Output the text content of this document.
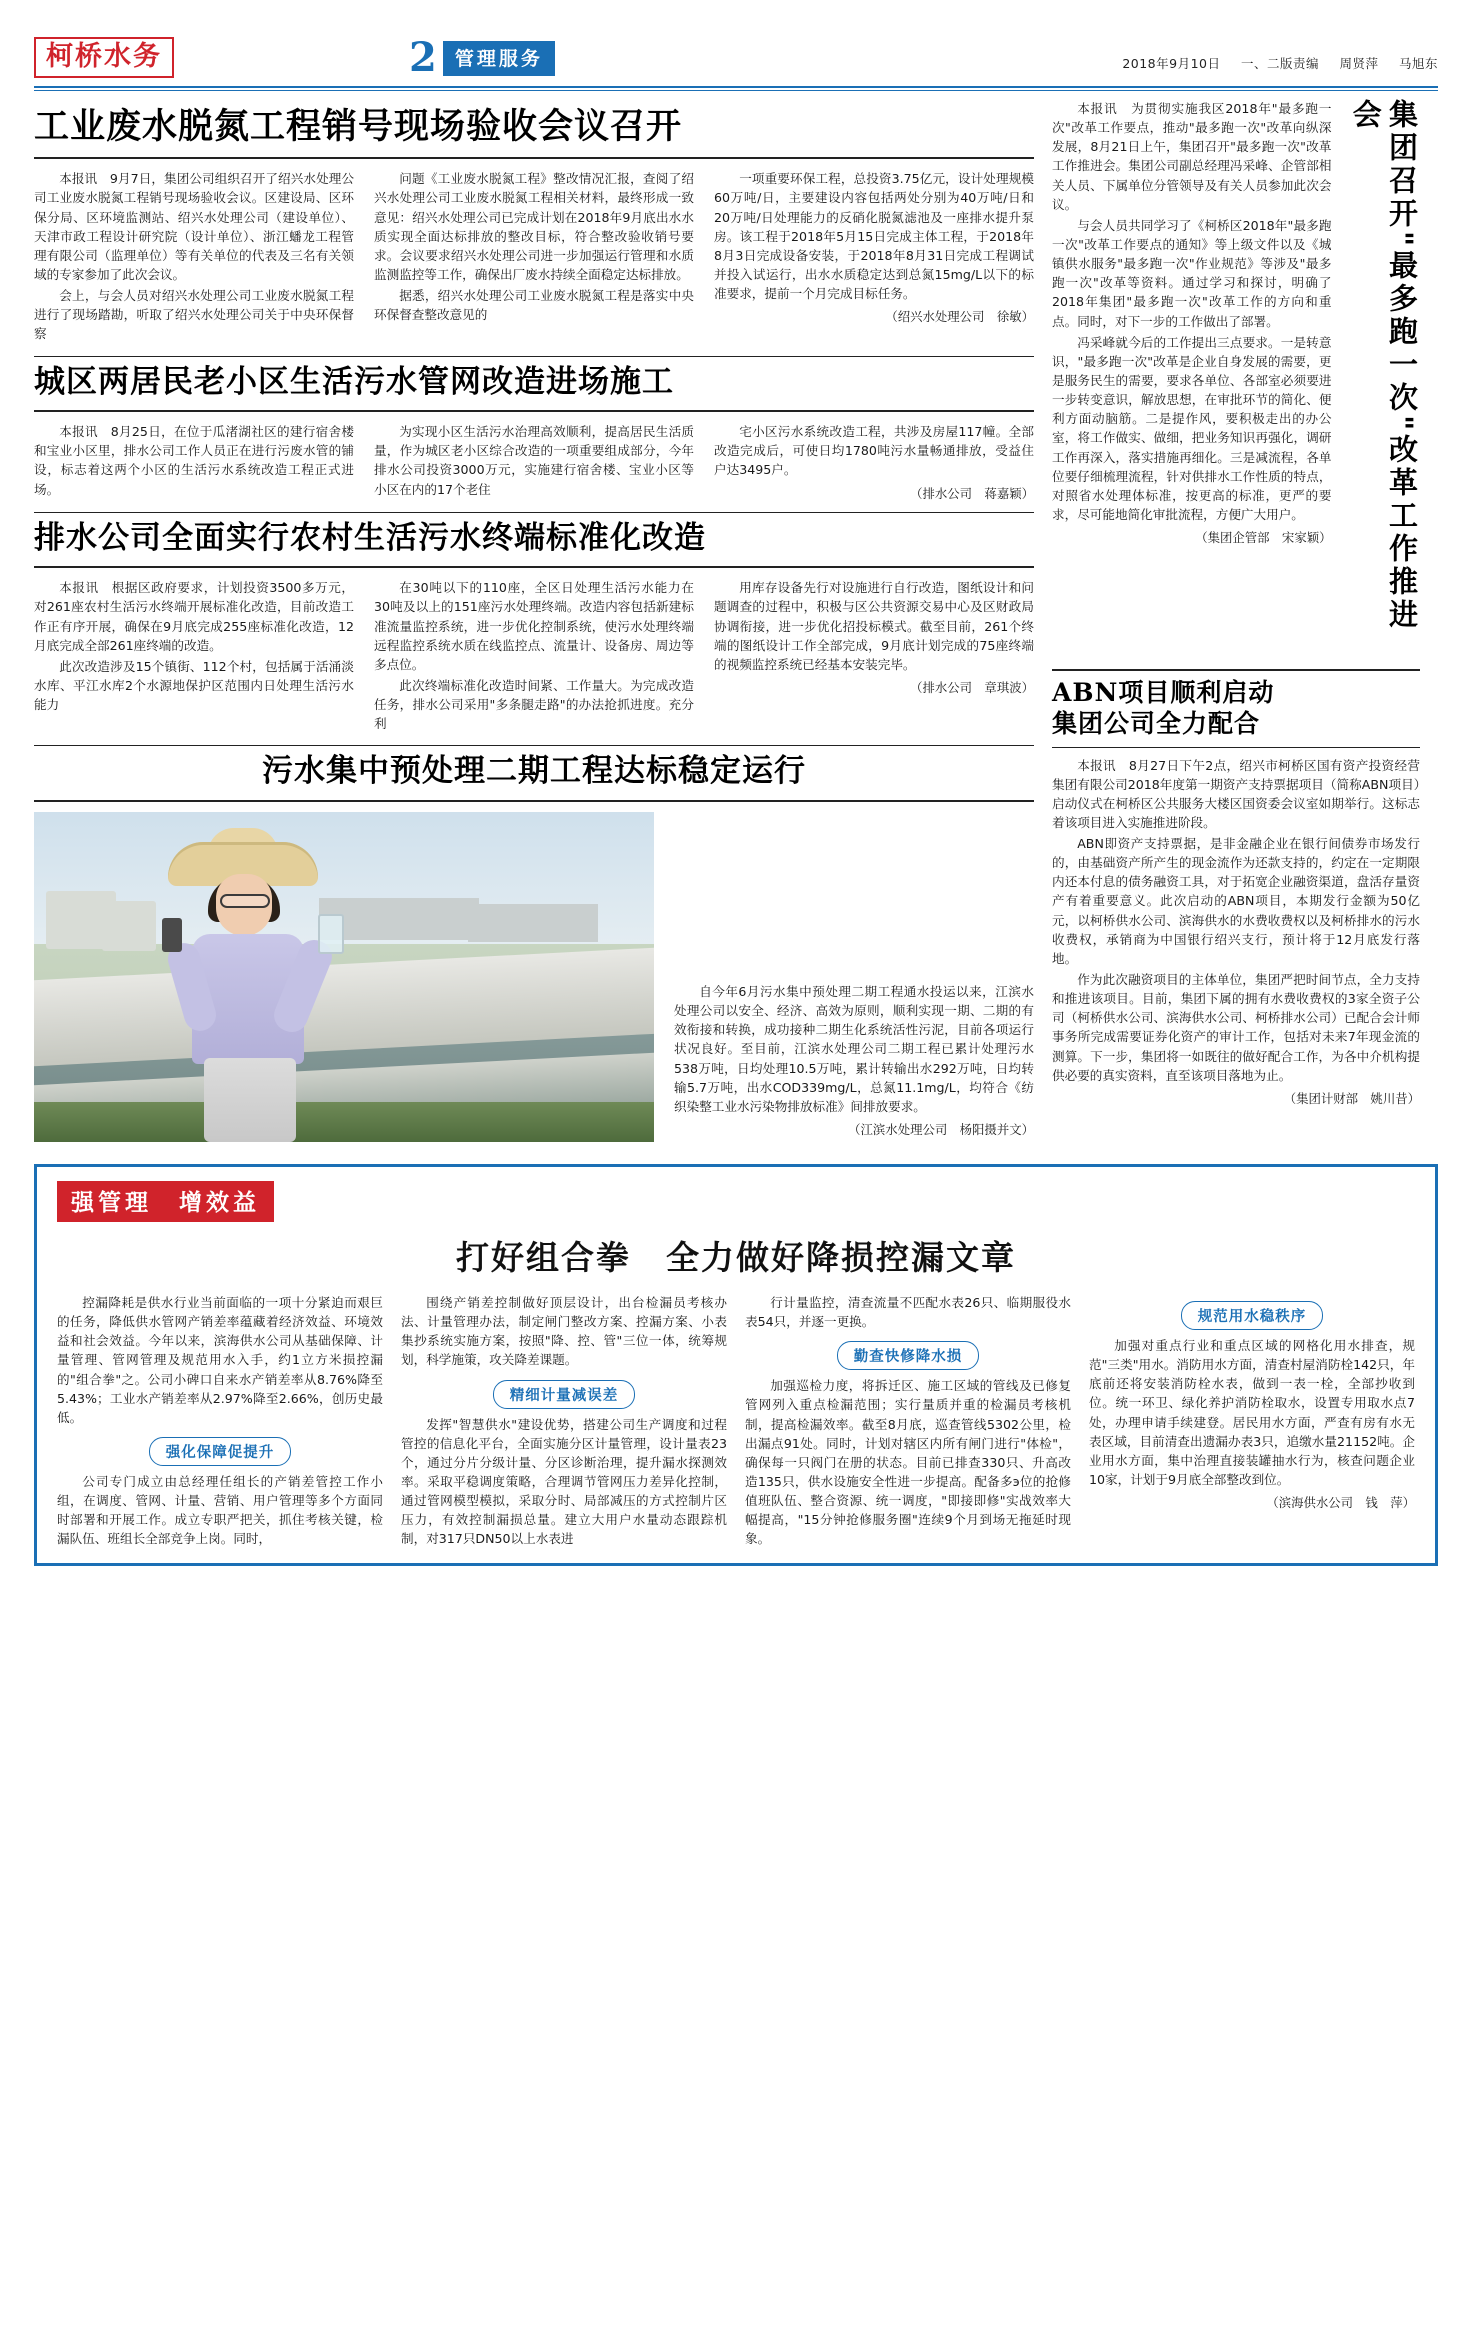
柯桥水务	2 管理服务	2018年9月10日 一、二版责编 周贤萍 马旭东
工业废水脱氮工程销号现场验收会议召开

本报讯　9月7日，集团公司组织召开了绍兴水处理公司工业废水脱氮工程销号现场验收会议。区建设局、区环保分局、区环境监测站、绍兴水处理公司（建设单位）、天津市政工程设计研究院（设计单位）、浙江蟠龙工程管理有限公司（监理单位）等有关单位的代表及三名有关领域的专家参加了此次会议。

会上，与会人员对绍兴水处理公司工业废水脱氮工程进行了现场踏勘，听取了绍兴水处理公司关于中央环保督察

问题《工业废水脱氮工程》整改情况汇报，查阅了绍兴水处理公司工业废水脱氮工程相关材料，最终形成一致意见：绍兴水处理公司已完成计划在2018年9月底出水水质实现全面达标排放的整改目标，符合整改验收销号要求。会议要求绍兴水处理公司进一步加强运行管理和水质监测监控等工作，确保出厂废水持续全面稳定达标排放。

据悉，绍兴水处理公司工业废水脱氮工程是落实中央环保督查整改意见的

一项重要环保工程，总投资3.75亿元，设计处理规模60万吨/日，主要建设内容包括两处分别为40万吨/日和20万吨/日处理能力的反硝化脱氮滤池及一座排水提升泵房。该工程于2018年5月15日完成主体工程，于2018年8月3日完成设备安装，于2018年8月31日完成工程调试并投入试运行，出水水质稳定达到总氮15mg/L以下的标准要求，提前一个月完成目标任务。

（绍兴水处理公司　徐敏）

城区两居民老小区生活污水管网改造进场施工

本报讯　8月25日，在位于瓜渚湖社区的建行宿舍楼和宝业小区里，排水公司工作人员正在进行污废水管的铺设，标志着这两个小区的生活污水系统改造工程正式进场。

为实现小区生活污水治理高效顺利，提高居民生活质量，作为城区老小区综合改造的一项重要组成部分，今年排水公司投资3000万元，实施建行宿舍楼、宝业小区等小区在内的17个老住

宅小区污水系统改造工程，共涉及房屋117幢。全部改造完成后，可使日均1780吨污水量畅通排放，受益住户达3495户。

（排水公司　蒋嘉颖）

排水公司全面实行农村生活污水终端标准化改造

本报讯　根据区政府要求，计划投资3500多万元，对261座农村生活污水终端开展标准化改造，目前改造工作正有序开展，确保在9月底完成255座标准化改造，12月底完成全部261座终端的改造。

此次改造涉及15个镇街、112个村，包括属于活涌淡水库、平江水库2个水源地保护区范围内日处理生活污水能力

在30吨以下的110座，全区日处理生活污水能力在30吨及以上的151座污水处理终端。改造内容包括新建标准流量监控系统，进一步优化控制系统，使污水处理终端远程监控系统水质在线监控点、流量计、设备房、周边等多点位。

此次终端标准化改造时间紧、工作量大。为完成改造任务，排水公司采用"多条腿走路"的办法抢抓进度。充分利

用库存设备先行对设施进行自行改造，图纸设计和问题调查的过程中，积极与区公共资源交易中心及区财政局协调衔接，进一步优化招投标模式。截至目前，261个终端的图纸设计工作全部完成，9月底计划完成的75座终端的视频监控系统已经基本安装完毕。

（排水公司　章琪波）

污水集中预处理二期工程达标稳定运行

自今年6月污水集中预处理二期工程通水投运以来，江滨水处理公司以安全、经济、高效为原则，顺利实现一期、二期的有效衔接和转换，成功接种二期生化系统活性污泥，目前各项运行状况良好。至目前，江滨水处理公司二期工程已累计处理污水538万吨，日均处理10.5万吨，累计转输出水292万吨，日均转输5.7万吨，出水COD339mg/L，总氮11.1mg/L，均符合《纺织染整工业水污染物排放标准》间排放要求。

（江滨水处理公司　杨阳摄并文）

本报讯　为贯彻实施我区2018年"最多跑一次"改革工作要点，推动"最多跑一次"改革向纵深发展，8月21日上午，集团召开"最多跑一次"改革工作推进会。集团公司副总经理冯采峰、企管部相关人员、下属单位分管领导及有关人员参加此次会议。

与会人员共同学习了《柯桥区2018年"最多跑一次"改革工作要点的通知》等上级文件以及《城镇供水服务"最多跑一次"作业规范》等涉及"最多跑一次"改革等资料。通过学习和探讨，明确了2018年集团"最多跑一次"改革工作的方向和重点。同时，对下一步的工作做出了部署。

冯采峰就今后的工作提出三点要求。一是转意识，"最多跑一次"改革是企业自身发展的需要，更是服务民生的需要，要求各单位、各部室必须要进一步转变意识，解放思想，在审批环节的简化、便利方面动脑筋。二是提作风，要积极走出的办公室，将工作做实、做细，把业务知识再强化，调研工作再深入，落实措施再细化。三是减流程，各单位要仔细梳理流程，针对供排水工作性质的特点，对照省水处理体标准，按更高的标准，更严的要求，尽可能地简化审批流程，方便广大用户。

（集团企管部　宋家颖）	集团召开"最多跑一次"改革工作推进会
ABN项目顺利启动
集团公司全力配合

本报讯　8月27日下午2点，绍兴市柯桥区国有资产投资经营集团有限公司2018年度第一期资产支持票据项目（简称ABN项目）启动仪式在柯桥区公共服务大楼区国资委会议室如期举行。这标志着该项目进入实施推进阶段。

ABN即资产支持票据，是非金融企业在银行间债券市场发行的，由基础资产所产生的现金流作为还款支持的，约定在一定期限内还本付息的债务融资工具，对于拓宽企业融资渠道，盘活存量资产有着重要意义。此次启动的ABN项目，本期发行金额为50亿元，以柯桥供水公司、滨海供水的水费收费权以及柯桥排水的污水收费权，承销商为中国银行绍兴支行，预计将于12月底发行落地。

作为此次融资项目的主体单位，集团严把时间节点，全力支持和推进该项目。目前，集团下属的拥有水费收费权的3家全资子公司（柯桥供水公司、滨海供水公司、柯桥排水公司）已配合会计师事务所完成需要证券化资产的审计工作，包括对未来7年现金流的测算。下一步，集团将一如既往的做好配合工作，为各中介机构提供必要的真实资料，直至该项目落地为止。

（集团计财部　姚川昔）

强管理　增效益
打好组合拳　全力做好降损控漏文章

控漏降耗是供水行业当前面临的一项十分紧迫而艰巨的任务，降低供水管网产销差率蕴藏着经济效益、环境效益和社会效益。今年以来，滨海供水公司从基础保障、计量管理、管网管理及规范用水入手，约1立方米损控漏的"组合拳"之。公司小碑口自来水产销差率从8.76%降至5.43%；工业水产销差率从2.97%降至2.66%，创历史最低。

强化保障促提升

公司专门成立由总经理任组长的产销差管控工作小组，在调度、管网、计量、营销、用户管理等多个方面同时部署和开展工作。成立专职严把关，抓住考核关键，检漏队伍、班组长全部竞争上岗。同时，

围绕产销差控制做好顶层设计，出台检漏员考核办法、计量管理办法，制定闸门整改方案、控漏方案、小表集抄系统实施方案，按照"降、控、管"三位一体，统筹规划，科学施策，攻关降差课题。

精细计量减误差

发挥"智慧供水"建设优势，搭建公司生产调度和过程管控的信息化平台，全面实施分区计量管理，设计量表23个，通过分片分级计量、分区诊断治理，提升漏水探测效率。采取平稳调度策略，合理调节管网压力差异化控制，通过管网模型模拟，采取分时、局部减压的方式控制片区压力，有效控制漏损总量。建立大用户水量动态跟踪机制，对317只DN50以上水表进

行计量监控，清查流量不匹配水表26只、临期服役水表54只，并逐一更换。

勤查快修降水损

加强巡检力度，将拆迁区、施工区域的管线及已修复管网列入重点检漏范围；实行量质并重的检漏员考核机制，提高检漏效率。截至8月底，巡查管线5302公里，检出漏点91处。同时，计划对辖区内所有闸门进行"体检"，确保每一只阀门在册的状态。目前已排查330只、升高改造135只，供水设施安全性进一步提高。配备多э位的抢修值班队伍、整合资源、统一调度，"即接即修"实战效率大幅提高，"15分钟抢修服务圈"连续9个月到场无拖延时现象。

规范用水稳秩序

加强对重点行业和重点区域的网格化用水排查，规范"三类"用水。消防用水方面，清查村屋消防栓142只，年底前还将安装消防栓水表，做到一表一栓，全部抄收到位。统一环卫、绿化养护消防栓取水，设置专用取水点7处，办理申请手续建登。居民用水方面，严查有房有水无表区域，目前清查出遗漏办表3只，追缴水量21152吨。企业用水方面，集中治理直接装罐抽水行为，核查问题企业10家，计划于9月底全部整改到位。

（滨海供水公司　钱　萍）
